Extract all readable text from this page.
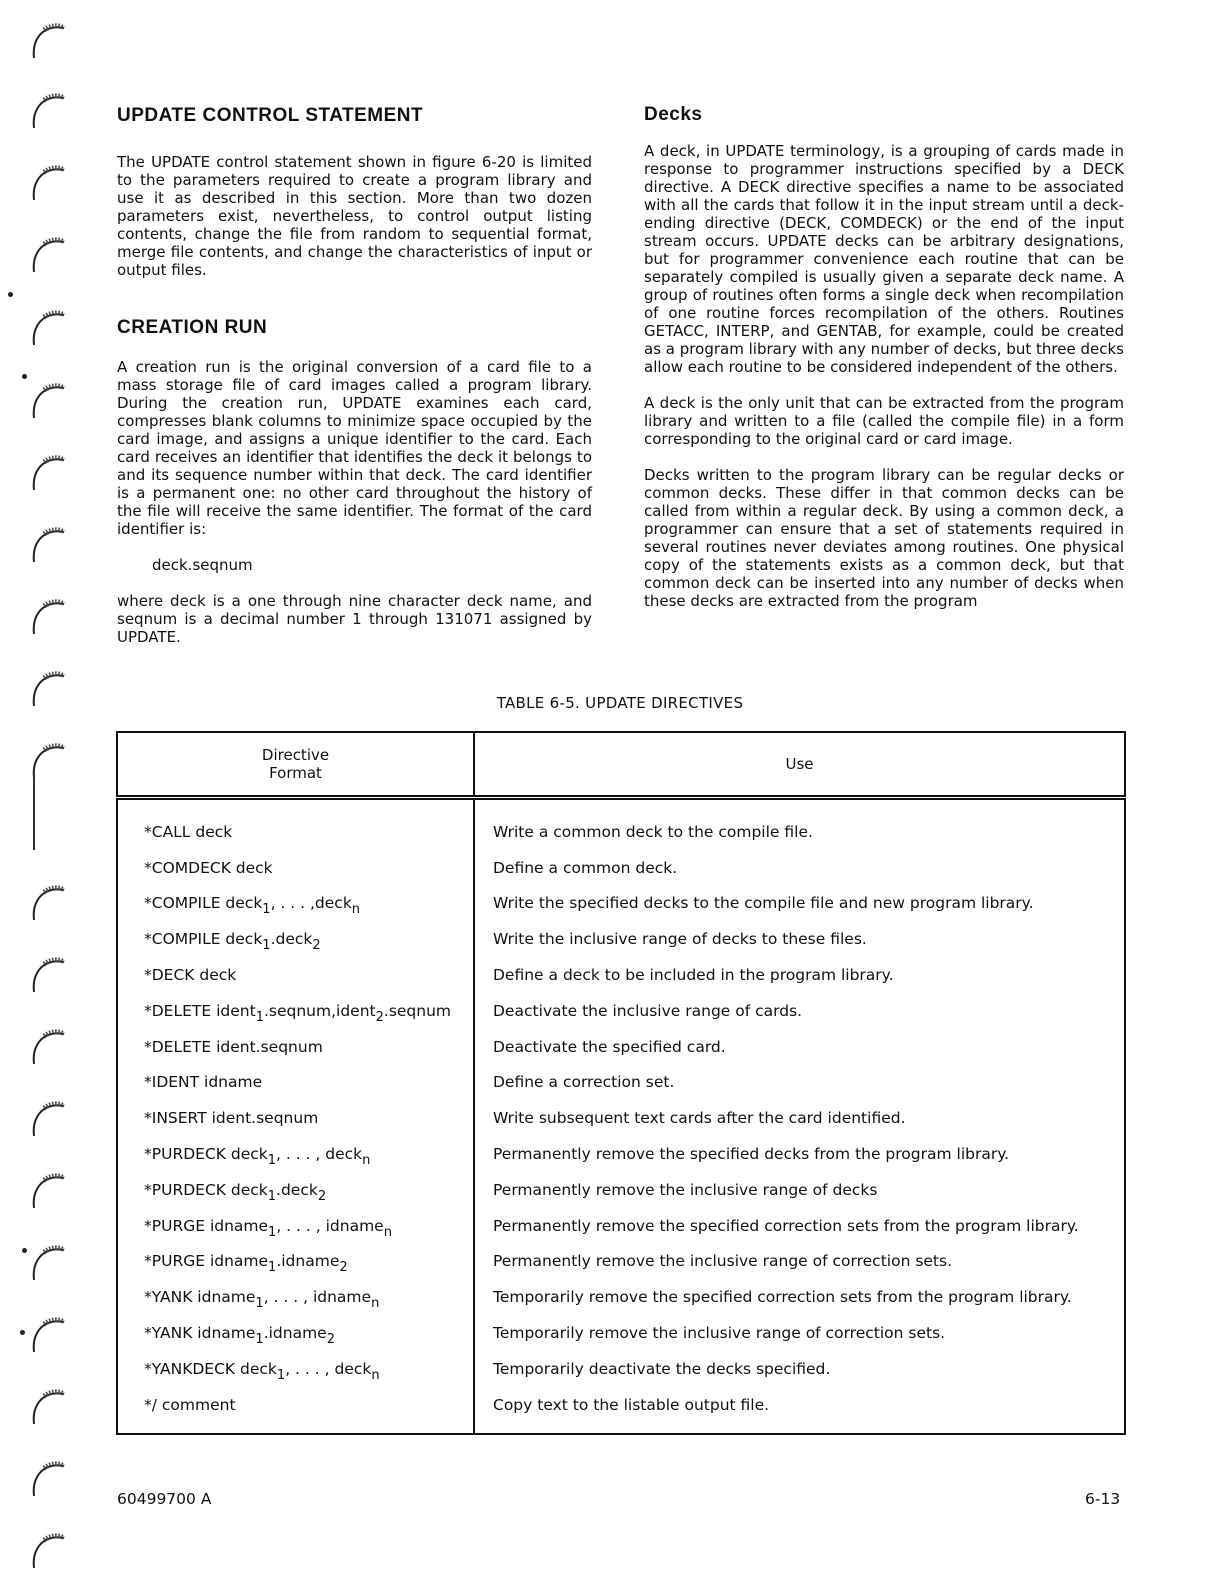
UPDATE CONTROL STATEMENT

The UPDATE control statement shown in figure 6-20 is limited to the parameters required to create a program library and use it as described in this section. More than two dozen parameters exist, nevertheless, to control output listing contents, change the file from random to sequential format, merge file contents, and change the characteristics of input or output files.

CREATION RUN

A creation run is the original conversion of a card file to a mass storage file of card images called a program library. During the creation run, UPDATE examines each card, compresses blank columns to minimize space occupied by the card image, and assigns a unique identifier to the card. Each card receives an identifier that identifies the deck it belongs to and its sequence number within that deck. The card identifier is a permanent one: no other card throughout the history of the file will receive the same identifier. The format of the card identifier is:

deck.seqnum

where deck is a one through nine character deck name, and seqnum is a decimal number 1 through 131071 assigned by UPDATE.

Decks

A deck, in UPDATE terminology, is a grouping of cards made in response to programmer instructions specified by a DECK directive. A DECK directive specifies a name to be associated with all the cards that follow it in the input stream until a deck-ending directive (DECK, COMDECK) or the end of the input stream occurs. UPDATE decks can be arbitrary designations, but for programmer convenience each routine that can be separately compiled is usually given a separate deck name. A group of routines often forms a single deck when recompilation of one routine forces recompilation of the others. Routines GETACC, INTERP, and GENTAB, for example, could be created as a program library with any number of decks, but three decks allow each routine to be considered independent of the others.

A deck is the only unit that can be extracted from the program library and written to a file (called the compile file) in a form corresponding to the original card or card image.

Decks written to the program library can be regular decks or common decks. These differ in that common decks can be called from within a regular deck. By using a common deck, a programmer can ensure that a set of statements required in several routines never deviates among routines. One physical copy of the statements exists as a common deck, but that common deck can be inserted into any number of decks when these decks are extracted from the program

TABLE 6-5. UPDATE DIRECTIVES
Directive
Format	Use
*CALL deck	Write a common deck to the compile file.
*COMDECK deck	Define a common deck.
*COMPILE deck$_1$, . . . ,deck$_n$	Write the specified decks to the compile file and new program library.
*COMPILE deck$_1$.deck$_2$	Write the inclusive range of decks to these files.
*DECK deck	Define a deck to be included in the program library.
*DELETE ident$_1$.seqnum,ident$_2$.seqnum	Deactivate the inclusive range of cards.
*DELETE ident.seqnum	Deactivate the specified card.
*IDENT idname	Define a correction set.
*INSERT ident.seqnum	Write subsequent text cards after the card identified.
*PURDECK deck$_1$, . . . , deck$_n$	Permanently remove the specified decks from the program library.
*PURDECK deck$_1$.deck$_2$	Permanently remove the inclusive range of decks
*PURGE idname$_1$, . . . , idname$_n$	Permanently remove the specified correction sets from the program library.
*PURGE idname$_1$.idname$_2$	Permanently remove the inclusive range of correction sets.
*YANK idname$_1$, . . . , idname$_n$	Temporarily remove the specified correction sets from the program library.
*YANK idname$_1$.idname$_2$	Temporarily remove the inclusive range of correction sets.
*YANKDECK deck$_1$, . . . , deck$_n$	Temporarily deactivate the decks specified.
*/ comment	Copy text to the listable output file.
60499700 A	6-13
